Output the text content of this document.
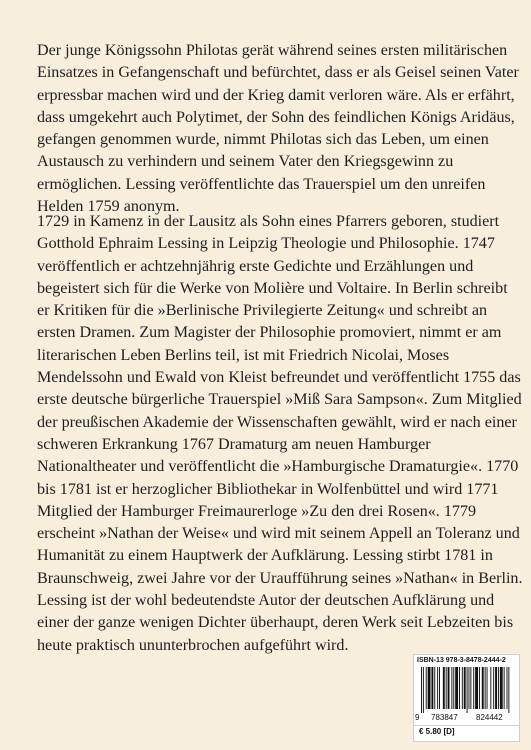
Der junge Königssohn Philotas gerät während seines ersten militärischen
Einsatzes in Gefangenschaft und befürchtet, dass er als Geisel seinen Vater
erpressbar machen wird und der Krieg damit verloren wäre. Als er erfährt,
dass umgekehrt auch Polytimet, der Sohn des feindlichen Königs Aridäus,
gefangen genommen wurde, nimmt Philotas sich das Leben, um einen
Austausch zu verhindern und seinem Vater den Kriegsgewinn zu
ermöglichen. Lessing veröffentlichte das Trauerspiel um den unreifen
Helden 1759 anonym.
1729 in Kamenz in der Lausitz als Sohn eines Pfarrers geboren, studiert
Gotthold Ephraim Lessing in Leipzig Theologie und Philosophie. 1747
veröffentlich er achtzehnjährig erste Gedichte und Erzählungen und
begeistert sich für die Werke von Molière und Voltaire. In Berlin schreibt
er Kritiken für die »Berlinische Privilegierte Zeitung« und schreibt an
ersten Dramen. Zum Magister der Philosophie promoviert, nimmt er am
literarischen Leben Berlins teil, ist mit Friedrich Nicolai, Moses
Mendelssohn und Ewald von Kleist befreundet und veröffentlicht 1755 das
erste deutsche bürgerliche Trauerspiel »Miß Sara Sampson«. Zum Mitglied
der preußischen Akademie der Wissenschaften gewählt, wird er nach einer
schweren Erkrankung 1767 Dramaturg am neuen Hamburger
Nationaltheater und veröffentlicht die »Hamburgische Dramaturgie«. 1770
bis 1781 ist er herzoglicher Bibliothekar in Wolfenbüttel und wird 1771
Mitglied der Hamburger Freimaurerloge »Zu den drei Rosen«. 1779
erscheint »Nathan der Weise« und wird mit seinem Appell an Toleranz und
Humanität zu einem Hauptwerk der Aufklärung. Lessing stirbt 1781 in
Braunschweig, zwei Jahre vor der Uraufführung seines »Nathan« in Berlin.
Lessing ist der wohl bedeutendste Autor der deutschen Aufklärung und
einer der ganze wenigen Dichter überhaupt, deren Werk seit Lebzeiten bis
heute praktisch ununterbrochen aufgeführt wird.
ISBN-13 978-3-8478-2444-2
9 783847 824442
€ 5.80 [D]
